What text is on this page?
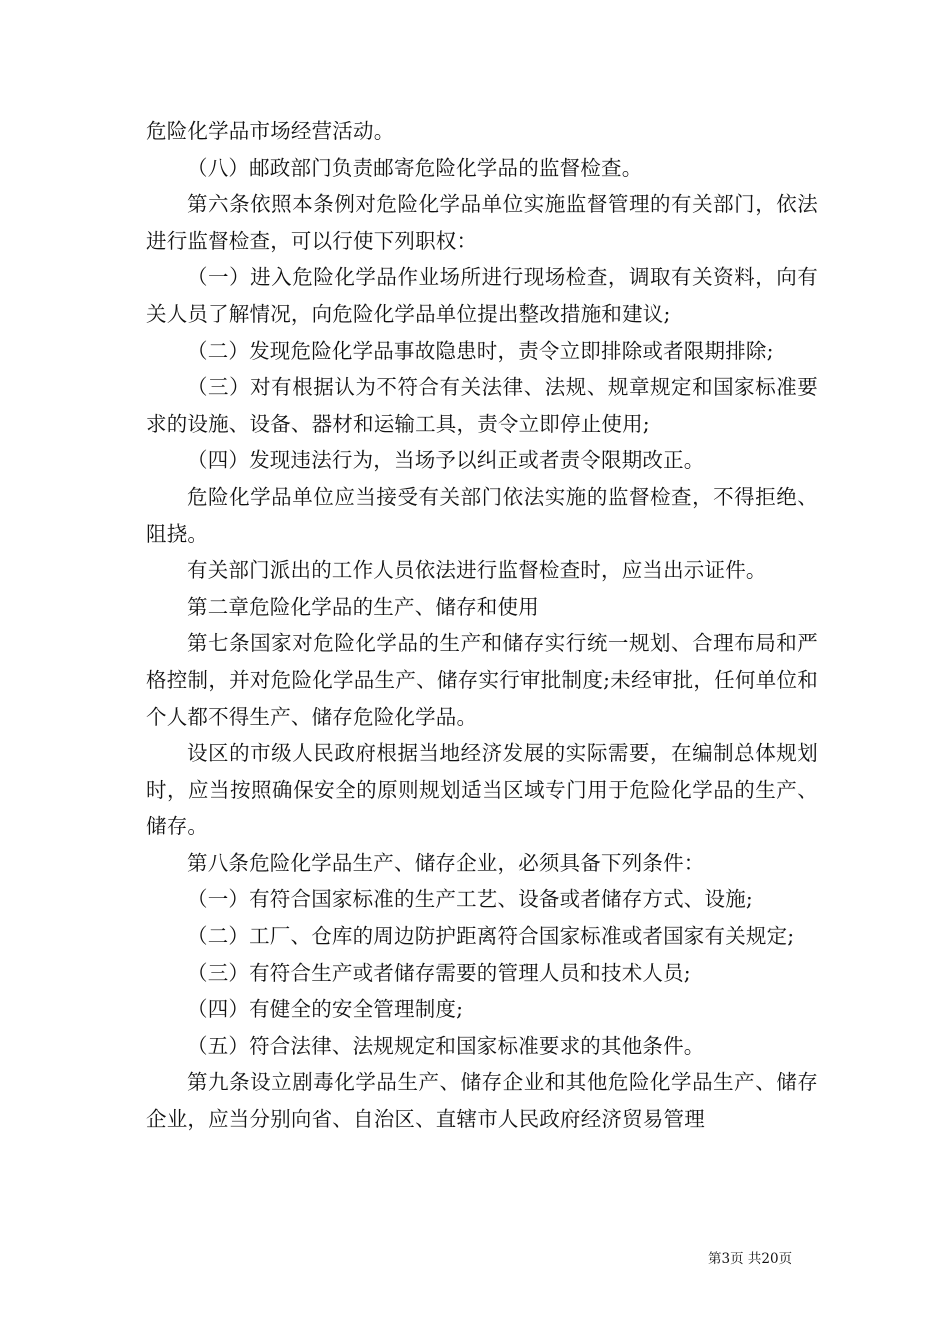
危险化学品市场经营活动。

（八）邮政部门负责邮寄危险化学品的监督检查。

第六条依照本条例对危险化学品单位实施监督管理的有关部门，依法进行监督检查，可以行使下列职权：

（一）进入危险化学品作业场所进行现场检查，调取有关资料，向有关人员了解情况，向危险化学品单位提出整改措施和建议;

（二）发现危险化学品事故隐患时，责令立即排除或者限期排除;

（三）对有根据认为不符合有关法律、法规、规章规定和国家标准要求的设施、设备、器材和运输工具，责令立即停止使用;

（四）发现违法行为，当场予以纠正或者责令限期改正。

危险化学品单位应当接受有关部门依法实施的监督检查，不得拒绝、阻挠。

有关部门派出的工作人员依法进行监督检查时，应当出示证件。

第二章危险化学品的生产、储存和使用

第七条国家对危险化学品的生产和储存实行统一规划、合理布局和严格控制，并对危险化学品生产、储存实行审批制度;未经审批，任何单位和个人都不得生产、储存危险化学品。

设区的市级人民政府根据当地经济发展的实际需要，在编制总体规划时，应当按照确保安全的原则规划适当区域专门用于危险化学品的生产、储存。

第八条危险化学品生产、储存企业，必须具备下列条件：

（一）有符合国家标准的生产工艺、设备或者储存方式、设施;

（二）工厂、仓库的周边防护距离符合国家标准或者国家有关规定;

（三）有符合生产或者储存需要的管理人员和技术人员;

（四）有健全的安全管理制度;

（五）符合法律、法规规定和国家标准要求的其他条件。

第九条设立剧毒化学品生产、储存企业和其他危险化学品生产、储存企业，应当分别向省、自治区、直辖市人民政府经济贸易管理

第3页 共20页
